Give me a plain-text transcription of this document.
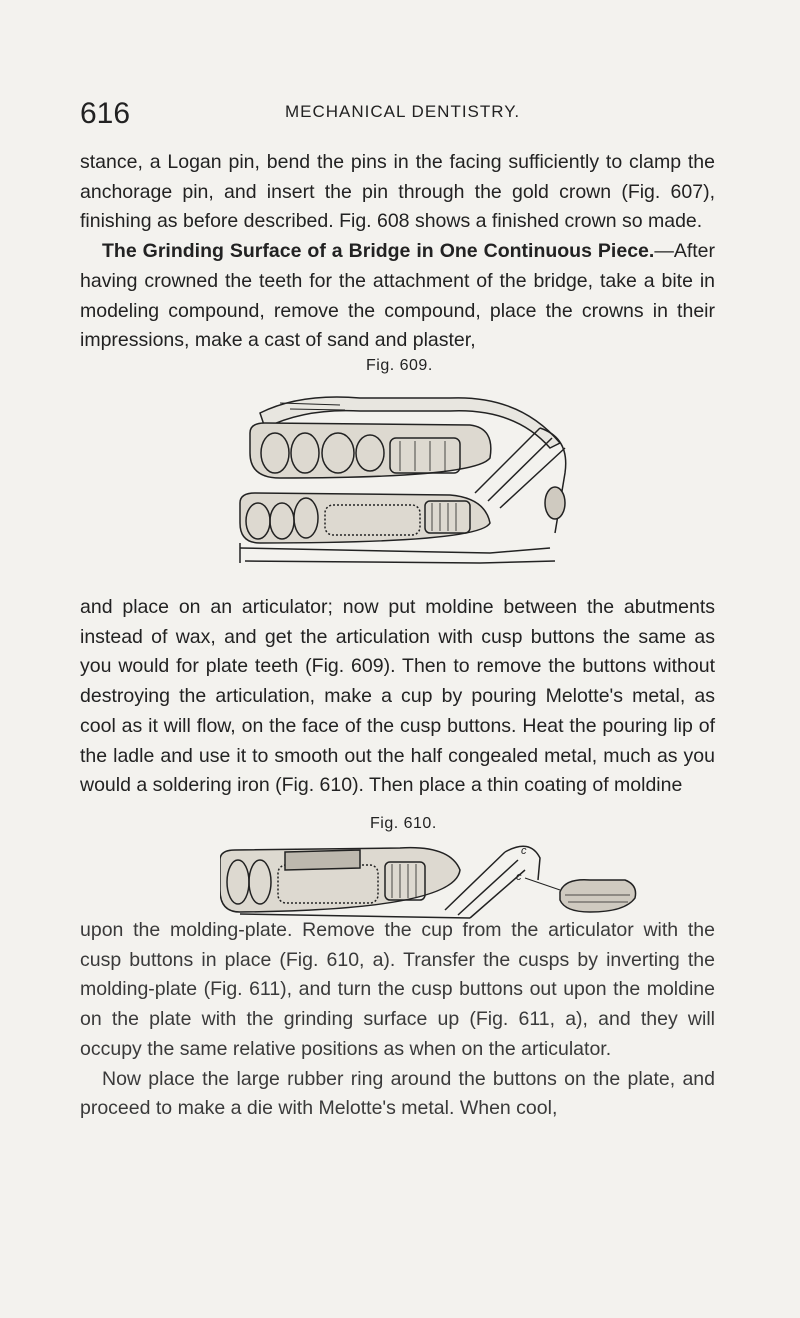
616	MECHANICAL DENTISTRY.

stance, a Logan pin, bend the pins in the facing sufficiently to clamp the anchorage pin, and insert the pin through the gold crown (Fig. 607), finishing as before described. Fig. 608 shows a finished crown so made.

The Grinding Surface of a Bridge in One Continuous Piece.—After having crowned the teeth for the attachment of the bridge, take a bite in modeling compound, remove the compound, place the crowns in their impressions, make a cast of sand and plaster,

Fig. 609.

and place on an articulator; now put moldine between the abutments instead of wax, and get the articulation with cusp buttons the same as you would for plate teeth (Fig. 609). Then to remove the buttons without destroying the articulation, make a cup by pouring Melotte's metal, as cool as it will flow, on the face of the cusp buttons. Heat the pouring lip of the ladle and use it to smooth out the half congealed metal, much as you would a soldering iron (Fig. 610). Then place a thin coating of moldine

Fig. 610.
c
c

upon the molding-plate. Remove the cup from the articulator with the cusp buttons in place (Fig. 610, a). Transfer the cusps by inverting the molding-plate (Fig. 611), and turn the cusp buttons out upon the moldine on the plate with the grinding surface up (Fig. 611, a), and they will occupy the same relative positions as when on the articulator.

Now place the large rubber ring around the buttons on the plate, and proceed to make a die with Melotte's metal. When cool,
